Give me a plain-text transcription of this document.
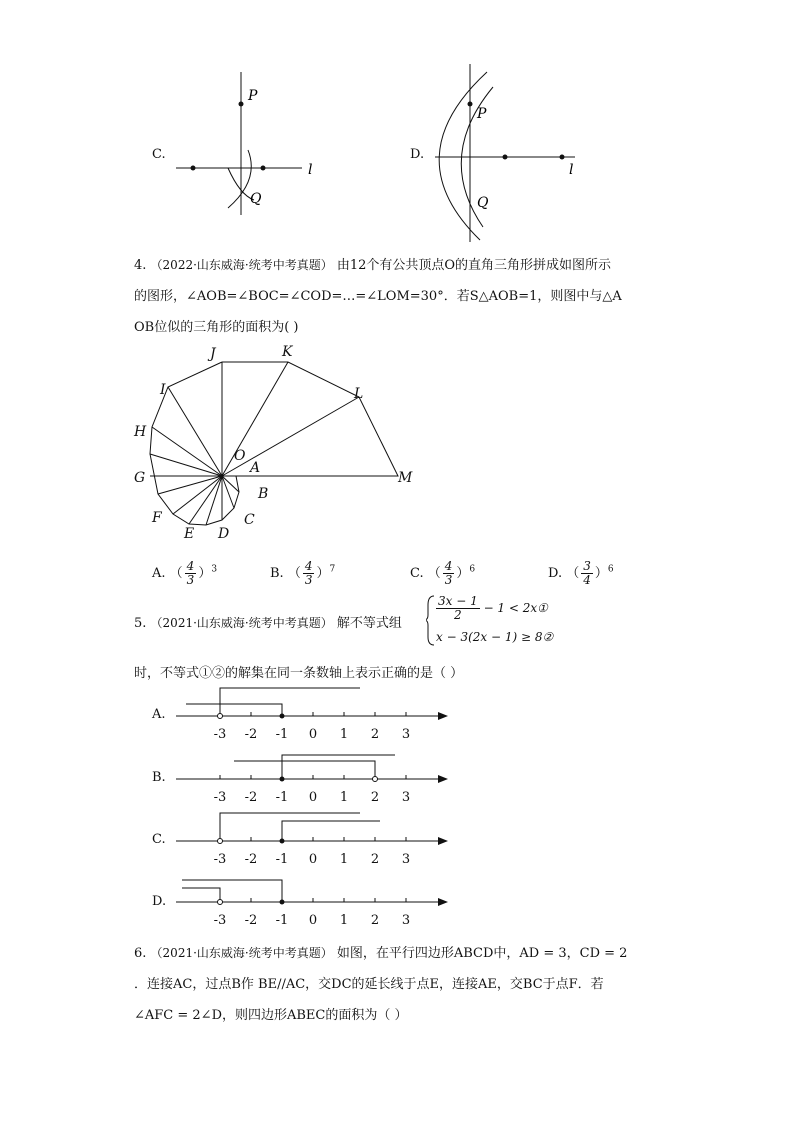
C.
P
Q
l
D.
P
Q
l
4. （2022·山东威海·统考中考真题） 由12个有公共顶点O的直角三角形拼成如图所示
的图形，∠AOB=∠BOC=∠COD=…=∠LOM=30°．若S△AOB=1，则图中与△A
OB位似的三角形的面积为( )
J	K
I	L
H
O
A
G	M
B
F	C
E D
A. （ $\frac{4}{3} )^3$	B. （ $\frac{4}{3} )^7$	C. （ $\frac{4}{3} )^6$	D. （ $\frac{3}{4} )^6$
5. （2021·山东威海·统考中考真题） 解不等式组
$\frac{3x - 1}{2} - 1$ < 2x①
x − 3(2x − 1) ≥ 8②
时，不等式①②的解集在同一条数轴上表示正确的是（ ）
A.
-3 -2 -1 0 1 2 3
B.
-3 -2 -1 0 1 2 3
C.
-3 -2 -1 0 1 2 3
D.
-3 -2 -1 0 1 2 3
6. （2021·山东威海·统考中考真题） 如图，在平行四边形ABCD中，AD = 3，CD = 2
．连接AC，过点B作 BE//AC，交DC的延长线于点E，连接AE，交BC于点F．若
∠AFC = 2∠D，则四边形ABEC的面积为（ ）
